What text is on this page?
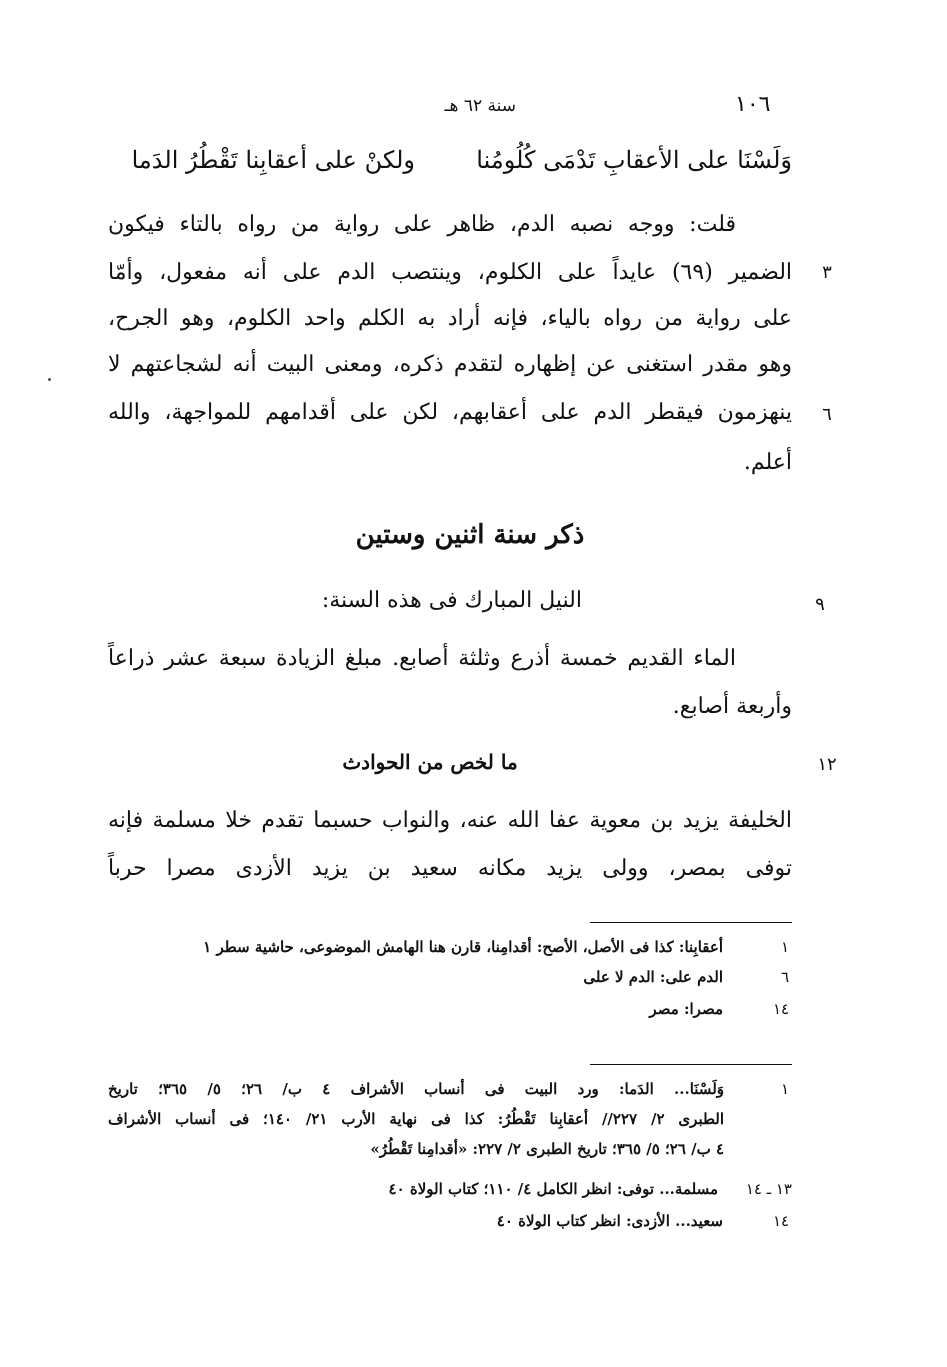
١٠٦
سنة ٦٢ هـ
وَلَسْنَا على الأعقابِ تَدْمَى كُلُومُنا
ولكنْ على أعقابِنا تَقْطُرُ الدَما
قلت: ووجه نصبه الدم، ظاهر على رواية من رواه بالتاء فيكون
الضمير (٦٩) عايداً على الكلوم، وينتصب الدم على أنه مفعول، وأمّا
على رواية من رواه بالياء، فإنه أراد به الكلم واحد الكلوم، وهو الجرح،
وهو مقدر استغنى عن إظهاره لتقدم ذكره، ومعنى البيت أنه لشجاعتهم لا
ينهزمون فيقطر الدم على أعقابهم، لكن على أقدامهم للمواجهة، والله
أعلم.
٣
٦
ذكر سنة اثنين وستين
النيل المبارك فى هذه السنة:	٩
الماء القديم خمسة أذرع وثلثة أصابع. مبلغ الزيادة سبعة عشر ذراعاً
وأربعة أصابع.
ما لخص من الحوادث	١٢
الخليفة يزيد بن معوية عفا الله عنه، والنواب حسبما تقدم خلا مسلمة فإنه
توفى بمصر، وولى يزيد مكانه سعيد بن يزيد الأزدى مصرا حرباً
١
أعقابِنا: كذا فى الأصل، الأصح: أقدامِنا، قارن هنا الهامش الموضوعى، حاشية سطر ١
٦
الدم على: الدم لا على
١٤
مصرا: مصر
١
وَلَسْنَا... الدَما: ورد البيت فى أنساب الأشراف ٤ ب/ ٢٦؛ ٥/ ٣٦٥؛ تاريخ
الطبرى ٢/ ٢٢٧// أعقابِنا تَقْطُرُ: كذا فى نهاية الأرب ٢١/ ١٤٠؛ فى أنساب الأشراف
٤ ب/ ٢٦؛ ٥/ ٣٦٥؛ تاريخ الطبرى ٢/ ٢٢٧: «أقدامِنا تَقْطُرُ»
١٣ ـ ١٤
مسلمة... توفى: انظر الكامل ٤/ ١١٠؛ كتاب الولاة ٤٠
١٤
سعيد... الأزدى: انظر كتاب الولاة ٤٠
